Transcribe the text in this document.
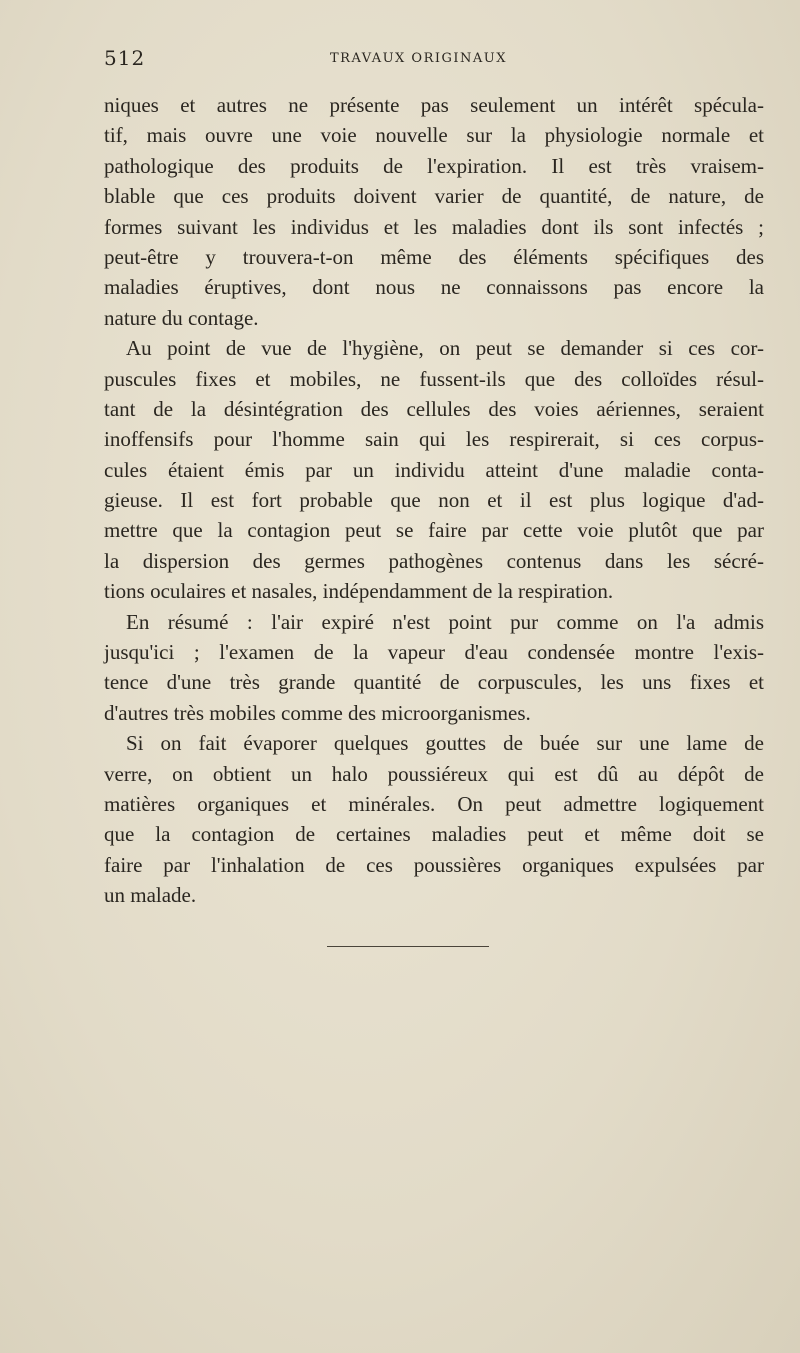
512	TRAVAUX ORIGINAUX

niques et autres ne présente pas seulement un intérêt spécula-
tif, mais ouvre une voie nouvelle sur la physiologie normale et
pathologique des produits de l'expiration. Il est très vraisem-
blable que ces produits doivent varier de quantité, de nature, de
formes suivant les individus et les maladies dont ils sont infectés ;
peut-être y trouvera-t-on même des éléments spécifiques des
maladies éruptives, dont nous ne connaissons pas encore la
nature du contage.

Au point de vue de l'hygiène, on peut se demander si ces cor-
puscules fixes et mobiles, ne fussent-ils que des colloïdes résul-
tant de la désintégration des cellules des voies aériennes, seraient
inoffensifs pour l'homme sain qui les respirerait, si ces corpus-
cules étaient émis par un individu atteint d'une maladie conta-
gieuse. Il est fort probable que non et il est plus logique d'ad-
mettre que la contagion peut se faire par cette voie plutôt que par
la dispersion des germes pathogènes contenus dans les sécré-
tions oculaires et nasales, indépendamment de la respiration.

En résumé : l'air expiré n'est point pur comme on l'a admis
jusqu'ici ; l'examen de la vapeur d'eau condensée montre l'exis-
tence d'une très grande quantité de corpuscules, les uns fixes et
d'autres très mobiles comme des microorganismes.

Si on fait évaporer quelques gouttes de buée sur une lame de
verre, on obtient un halo poussiéreux qui est dû au dépôt de
matières organiques et minérales. On peut admettre logiquement
que la contagion de certaines maladies peut et même doit se
faire par l'inhalation de ces poussières organiques expulsées par
un malade.
